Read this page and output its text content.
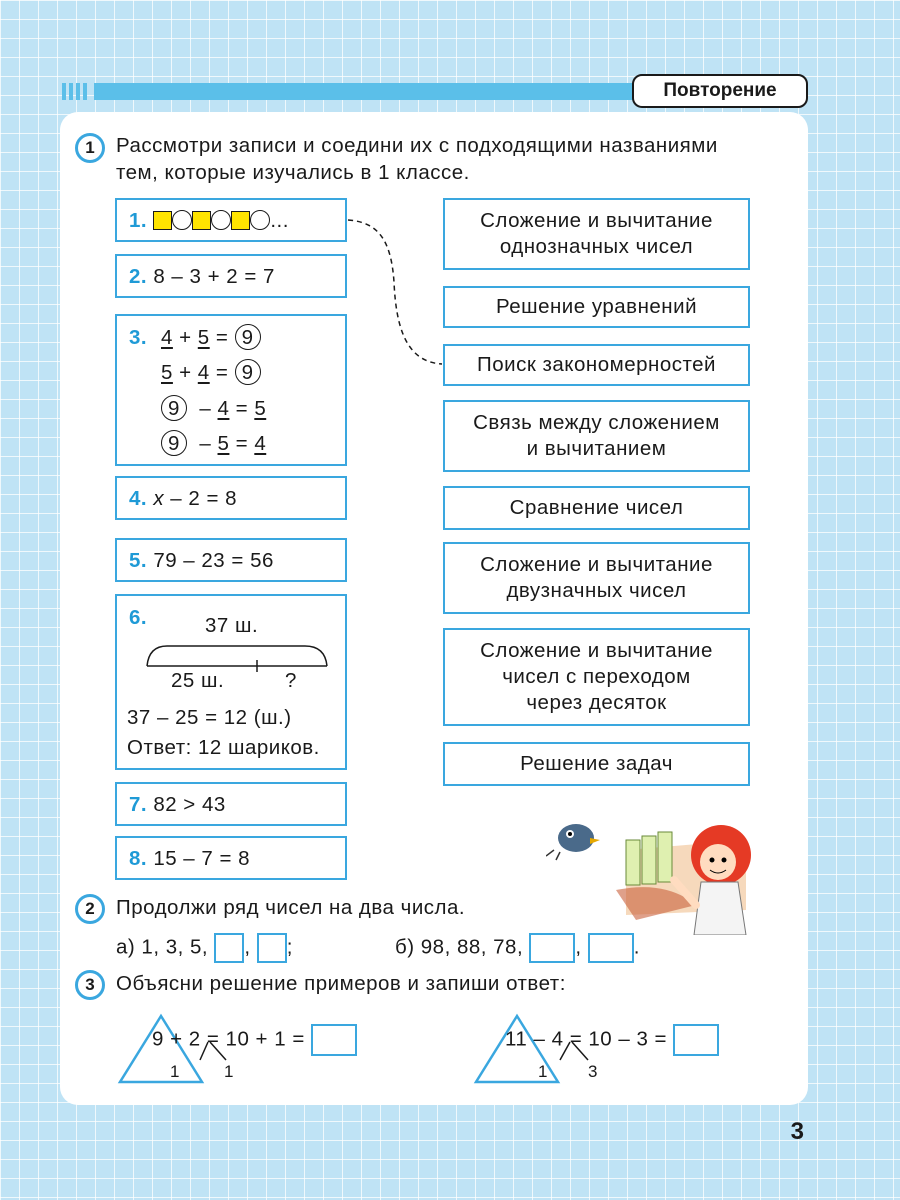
Повторение
1	Рассмотри записи и соедини их с подходящими названиями
тем, которые изучались в 1 классе.
1.	...
2. 8 – 3 + 2 = 7
3. 4 + 5 = 9
5 + 4 = 9
9 – 4 = 5
9 – 5 = 4
4. x – 2 = 8
5. 79 – 23 = 56
6.	37 ш.
25 ш.	?
37 – 25 = 12 (ш.)
Ответ: 12 шариков.
7. 82 > 43
8. 15 – 7 = 8
Сложение и вычитание
однозначных чисел
Решение уравнений
Поиск закономерностей
Связь между сложением
и вычитанием
Сравнение чисел
Сложение и вычитание
двузначных чисел
Сложение и вычитание
чисел с переходом
через десяток
Решение задач
2	Продолжи ряд чисел на два числа.
а) 1, 3, 5, , ;	б) 98, 88, 78,	,	.
3	Объясни решение примеров и запиши ответ:
9 + 2 = 10 + 1 =
1	1
11 – 4 = 10 – 3 =
1 3
3
